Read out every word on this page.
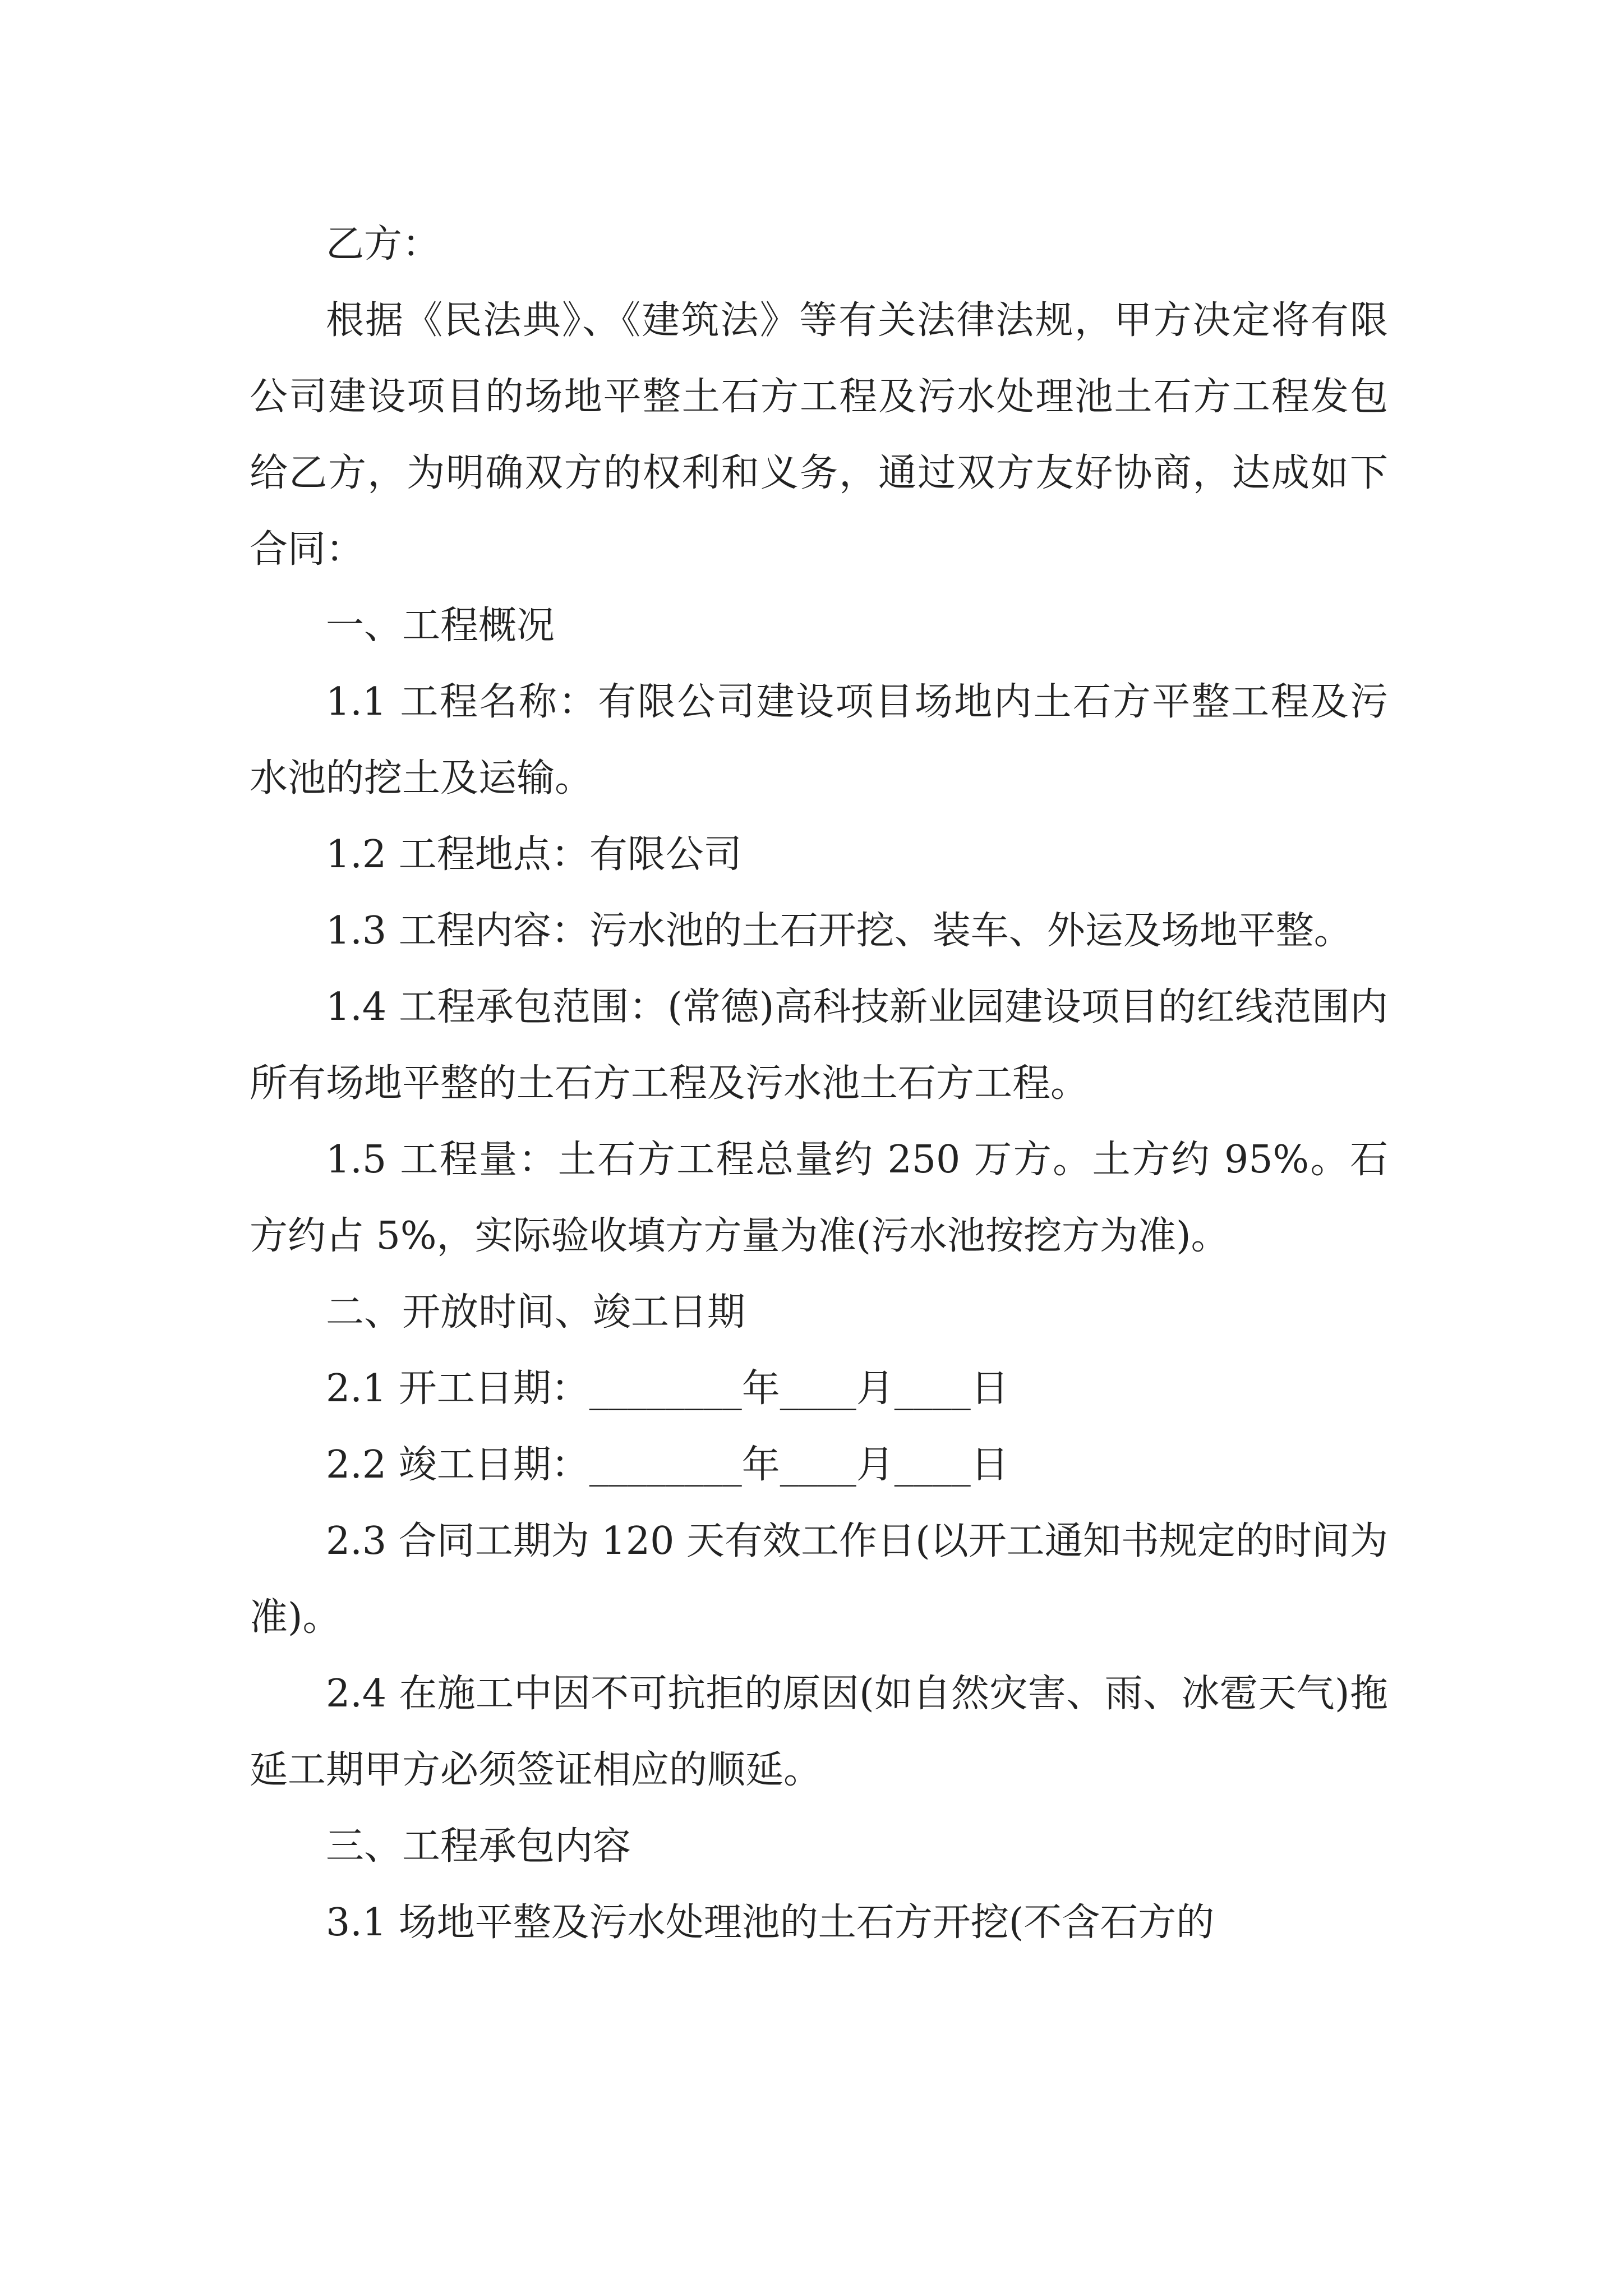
乙方：

根据《民法典》、《建筑法》等有关法律法规，甲方决定将有限公司建设项目的场地平整土石方工程及污水处理池土石方工程发包给乙方，为明确双方的权利和义务，通过双方友好协商，达成如下合同：

一、工程概况

1.1 工程名称：有限公司建设项目场地内土石方平整工程及污水池的挖土及运输。

1.2 工程地点：有限公司

1.3 工程内容：污水池的土石开挖、装车、外运及场地平整。

1.4 工程承包范围：(常德)高科技新业园建设项目的红线范围内所有场地平整的土石方工程及污水池土石方工程。

1.5 工程量：土石方工程总量约 250 万方。土方约 95%。石方约占 5%，实际验收填方方量为准(污水池按挖方为准)。

二、开放时间、竣工日期

2.1 开工日期：________年____月____日

2.2 竣工日期：________年____月____日

2.3 合同工期为 120 天有效工作日(以开工通知书规定的时间为准)。

2.4 在施工中因不可抗拒的原因(如自然灾害、雨、冰雹天气)拖延工期甲方必须签证相应的顺延。

三、工程承包内容

3.1 场地平整及污水处理池的土石方开挖(不含石方的
